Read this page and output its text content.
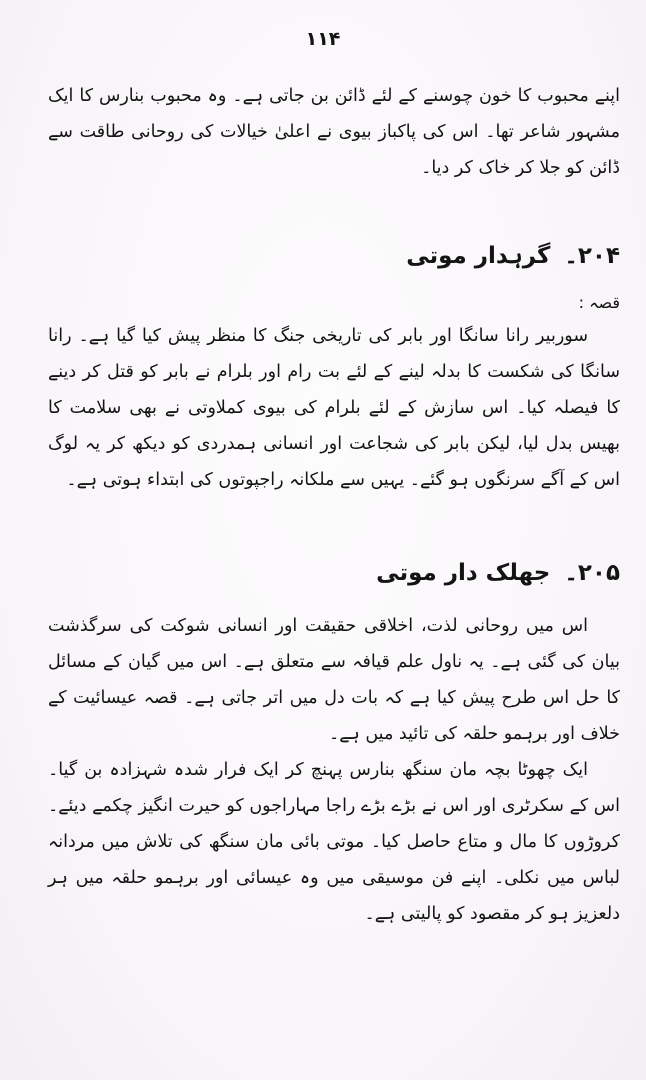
۱۱۴

اپنے محبوب کا خون چوسنے کے لئے ڈائن بن جاتی ہے۔ وہ محبوب بنارس کا ایک مشہور شاعر تھا۔ اس کی پاکباز بیوی نے اعلیٰ خیالات کی روحانی طاقت سے ڈائن کو جلا کر خاک کر دیا۔

۲۰۴۔گرہدار موتی

قصہ :

سوربیر رانا سانگا اور بابر کی تاریخی جنگ کا منظر پیش کیا گیا ہے۔ رانا سانگا کی شکست کا بدلہ لینے کے لئے بت رام اور بلرام نے بابر کو قتل کر دینے کا فیصلہ کیا۔ اس سازش کے لئے بلرام کی بیوی کملاوتی نے بھی سلامت کا بھیس بدل لیا، لیکن بابر کی شجاعت اور انسانی ہمدردی کو دیکھ کر یہ لوگ اس کے آگے سرنگوں ہو گئے۔ یہیں سے ملکانہ راجپوتوں کی ابتداء ہوتی ہے۔

۲۰۵۔جھلک دار موتی

اس میں روحانی لذت، اخلاقی حقیقت اور انسانی شوکت کی سرگذشت بیان کی گئی ہے۔ یہ ناول علم قیافہ سے متعلق ہے۔ اس میں گیان کے مسائل کا حل اس طرح پیش کیا ہے کہ بات دل میں اتر جاتی ہے۔ قصہ عیسائیت کے خلاف اور برہمو حلقہ کی تائید میں ہے۔

ایک چھوٹا بچہ مان سنگھ بنارس پہنچ کر ایک فرار شدہ شہزادہ بن گیا۔ اس کے سکرٹری اور اس نے بڑے بڑے راجا مہاراجوں کو حیرت انگیز چکمے دیئے۔ کروڑوں کا مال و متاع حاصل کیا۔ موتی بائی مان سنگھ کی تلاش میں مردانہ لباس میں نکلی۔ اپنے فن موسیقی میں وہ عیسائی اور برہمو حلقہ میں ہر دلعزیز ہو کر مقصود کو پالیتی ہے۔
